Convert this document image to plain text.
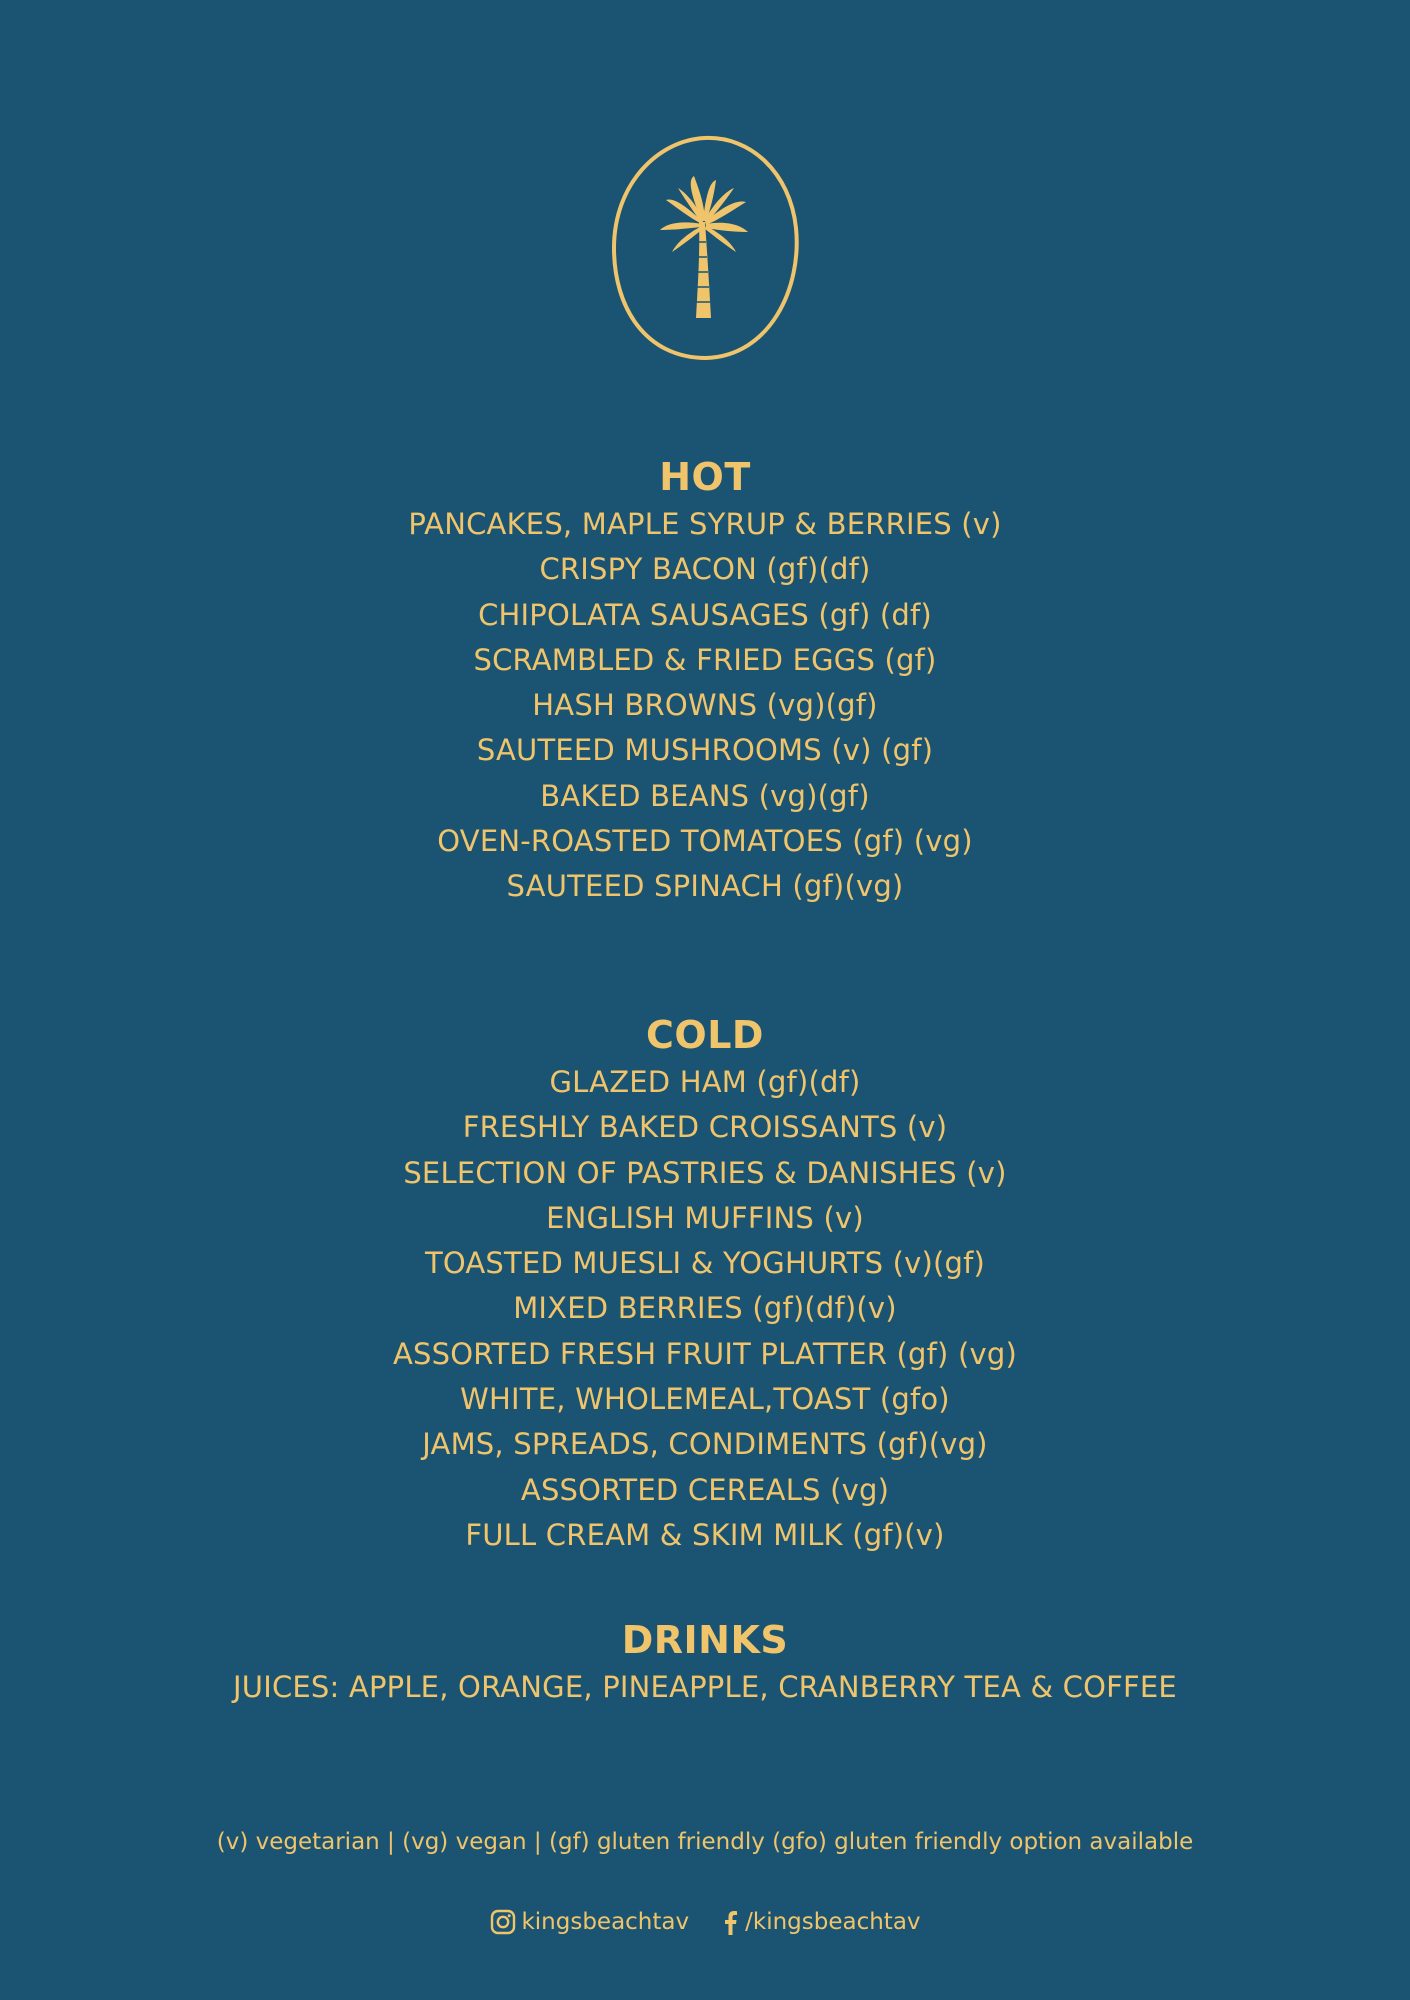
HOT
PANCAKES, MAPLE SYRUP & BERRIES (v)
CRISPY BACON (gf)(df)
CHIPOLATA SAUSAGES (gf) (df)
SCRAMBLED & FRIED EGGS (gf)
HASH BROWNS (vg)(gf)
SAUTEED MUSHROOMS (v) (gf)
BAKED BEANS (vg)(gf)
OVEN-ROASTED TOMATOES (gf) (vg)
SAUTEED SPINACH (gf)(vg)
COLD
GLAZED HAM (gf)(df)
FRESHLY BAKED CROISSANTS (v)
SELECTION OF PASTRIES & DANISHES (v)
ENGLISH MUFFINS (v)
TOASTED MUESLI & YOGHURTS (v)(gf)
MIXED BERRIES (gf)(df)(v)
ASSORTED FRESH FRUIT PLATTER (gf) (vg)
WHITE, WHOLEMEAL,TOAST (gfo)
JAMS, SPREADS, CONDIMENTS (gf)(vg)
ASSORTED CEREALS (vg)
FULL CREAM & SKIM MILK (gf)(v)
DRINKS
JUICES: APPLE, ORANGE, PINEAPPLE, CRANBERRY TEA & COFFEE
(v) vegetarian | (vg) vegan | (gf) gluten friendly (gfo) gluten friendly option available
kingsbeachtav /kingsbeachtav
